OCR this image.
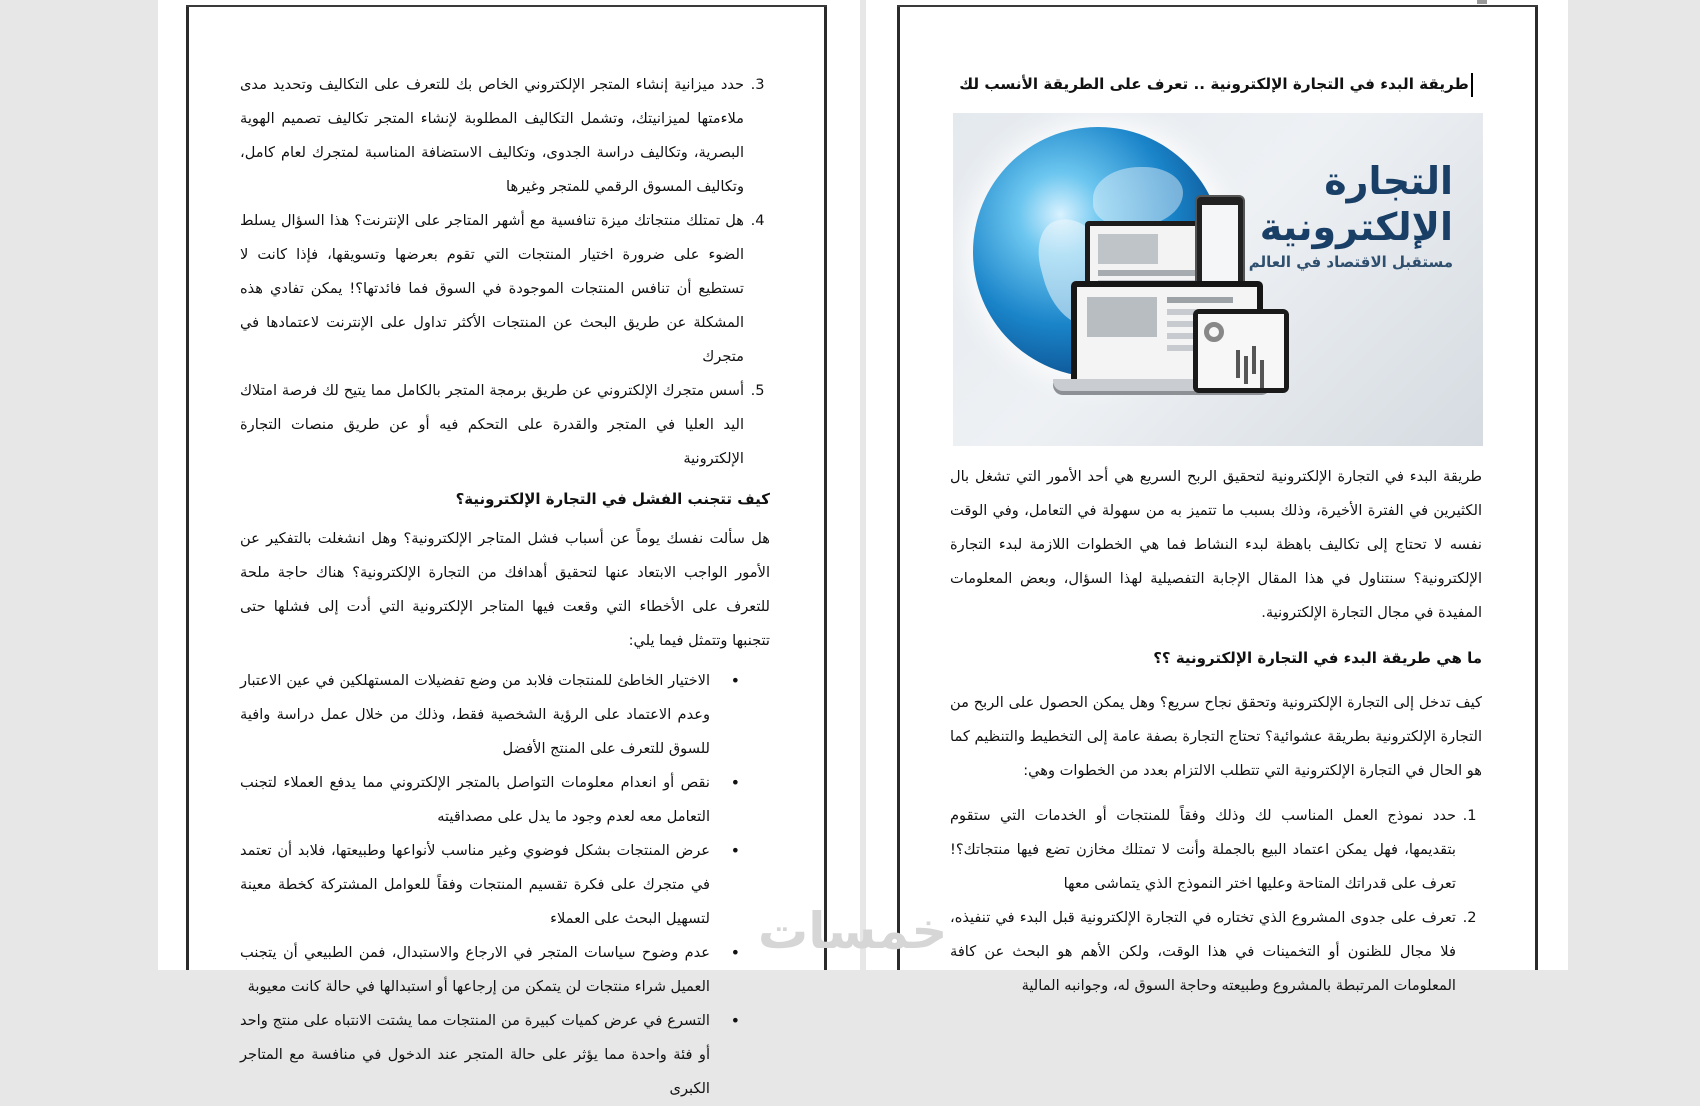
3. حدد ميزانية إنشاء المتجر الإلكتروني الخاص بك للتعرف على التكاليف وتحديد مدى ملاءمتها لميزانيتك، وتشمل التكاليف المطلوبة لإنشاء المتجر تكاليف تصميم الهوية البصرية، وتكاليف دراسة الجدوى، وتكاليف الاستضافة المناسبة لمتجرك لعام كامل، وتكاليف المسوق الرقمي للمتجر وغيرها
4. هل تمتلك منتجاتك ميزة تنافسية مع أشهر المتاجر على الإنترنت؟ هذا السؤال يسلط الضوء على ضرورة اختيار المنتجات التي تقوم بعرضها وتسويقها، فإذا كانت لا تستطيع أن تنافس المنتجات الموجودة في السوق فما فائدتها؟! يمكن تفادي هذه المشكلة عن طريق البحث عن المنتجات الأكثر تداول على الإنترنت لاعتمادها في متجرك
5. أسس متجرك الإلكتروني عن طريق برمجة المتجر بالكامل مما يتيح لك فرصة امتلاك اليد العليا في المتجر والقدرة على التحكم فيه أو عن طريق منصات التجارة الإلكترونية
كيف تتجنب الفشل في التجارة الإلكترونية؟

هل سألت نفسك يوماً عن أسباب فشل المتاجر الإلكترونية؟ وهل انشغلت بالتفكير عن الأمور الواجب الابتعاد عنها لتحقيق أهدافك من التجارة الإلكترونية؟ هناك حاجة ملحة للتعرف على الأخطاء التي وقعت فيها المتاجر الإلكترونية التي أدت إلى فشلها حتى تتجنبها وتتمثل فيما يلي:

• الاختيار الخاطئ للمنتجات فلابد من وضع تفضيلات المستهلكين في عين الاعتبار وعدم الاعتماد على الرؤية الشخصية فقط، وذلك من خلال عمل دراسة وافية للسوق للتعرف على المنتج الأفضل
• نقص أو انعدام معلومات التواصل بالمتجر الإلكتروني مما يدفع العملاء لتجنب التعامل معه لعدم وجود ما يدل على مصداقيته
• عرض المنتجات بشكل فوضوي وغير مناسب لأنواعها وطبيعتها، فلابد أن تعتمد في متجرك على فكرة تقسيم المنتجات وفقاً للعوامل المشتركة كخطة معينة لتسهيل البحث على العملاء
• عدم وضوح سياسات المتجر في الارجاع والاستبدال، فمن الطبيعي أن يتجنب العميل شراء منتجات لن يتمكن من إرجاعها أو استبدالها في حالة كانت معيوبة
• التسرع في عرض كميات كبيرة من المنتجات مما يشتت الانتباه على منتج واحد أو فئة واحدة مما يؤثر على حالة المتجر عند الدخول في منافسة مع المتاجر الكبرى
طريقة البدء في التجارة الإلكترونية .. تعرف على الطريقة الأنسب لك
التجارة
الإلكترونية
مستقبل الاقتصاد في العالم

طريقة البدء في التجارة الإلكترونية لتحقيق الربح السريع هي أحد الأمور التي تشغل بال الكثيرين في الفترة الأخيرة، وذلك بسبب ما تتميز به من سهولة في التعامل، وفي الوقت نفسه لا تحتاج إلى تكاليف باهظة لبدء النشاط فما هي الخطوات اللازمة لبدء التجارة الإلكترونية؟ سنتناول في هذا المقال الإجابة التفصيلية لهذا السؤال، وبعض المعلومات المفيدة في مجال التجارة الإلكترونية.

ما هي طريقة البدء في التجارة الإلكترونية ؟؟

كيف تدخل إلى التجارة الإلكترونية وتحقق نجاح سريع؟ وهل يمكن الحصول على الربح من التجارة الإلكترونية بطريقة عشوائية؟ تحتاج التجارة بصفة عامة إلى التخطيط والتنظيم كما هو الحال في التجارة الإلكترونية التي تتطلب الالتزام بعدد من الخطوات وهي:

1. حدد نموذج العمل المناسب لك وذلك وفقاً للمنتجات أو الخدمات التي ستقوم بتقديمها، فهل يمكن اعتماد البيع بالجملة وأنت لا تمتلك مخازن تضع فيها منتجاتك؟! تعرف على قدراتك المتاحة وعليها اختر النموذج الذي يتماشى معها
2. تعرف على جدوى المشروع الذي تختاره في التجارة الإلكترونية قبل البدء في تنفيذه، فلا مجال للظنون أو التخمينات في هذا الوقت، ولكن الأهم هو البحث عن كافة المعلومات المرتبطة بالمشروع وطبيعته وحاجة السوق له، وجوانبه المالية
خمسات
